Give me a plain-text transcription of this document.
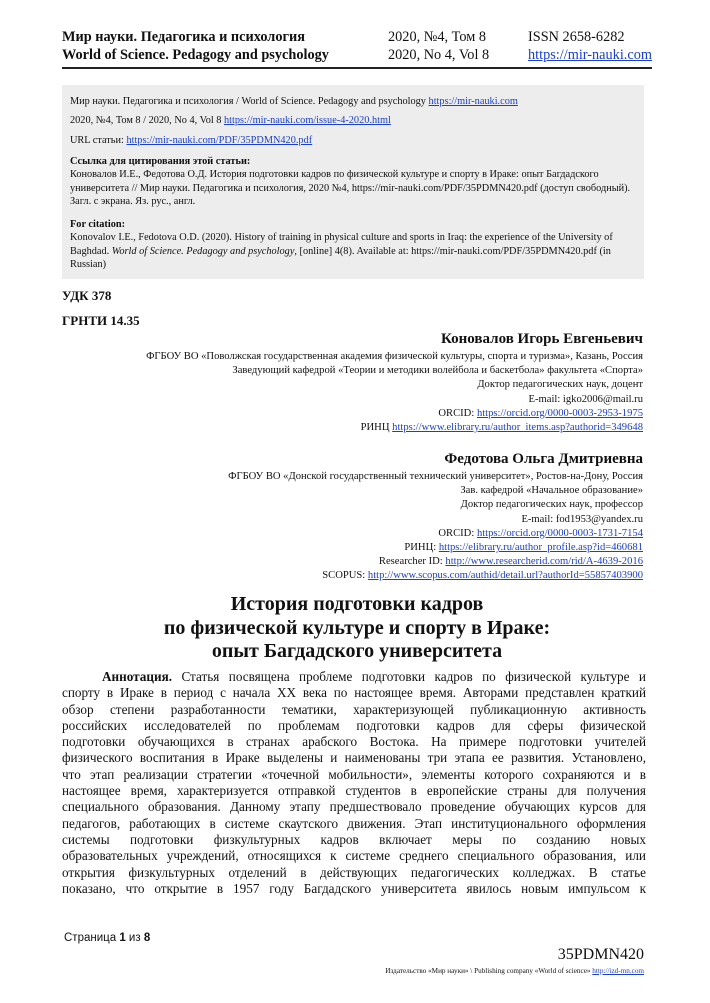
Мир науки. Педагогика и психология	2020, №4, Том 8	ISSN 2658-6282
World of Science. Pedagogy and psychology	2020, No 4, Vol 8	https://mir-nauki.com

Мир науки. Педагогика и психология / World of Science. Pedagogy and psychology https://mir-nauki.com

2020, №4, Том 8 / 2020, No 4, Vol 8 https://mir-nauki.com/issue-4-2020.html

URL статьи: https://mir-nauki.com/PDF/35PDMN420.pdf

Ссылка для цитирования этой статьи:

Коновалов И.Е., Федотова О.Д. История подготовки кадров по физической культуре и спорту в Ираке: опыт Багдадского университета // Мир науки. Педагогика и психология, 2020 №4, https://mir-nauki.com/PDF/35PDMN420.pdf (доступ свободный). Загл. с экрана. Яз. рус., англ.

For citation:

Konovalov I.E., Fedotova O.D. (2020). History of training in physical culture and sports in Iraq: the experience of the University of Baghdad. World of Science. Pedagogy and psychology, [online] 4(8). Available at: https://mir-nauki.com/PDF/35PDMN420.pdf (in Russian)

УДК 378
ГРНТИ 14.35
Коновалов Игорь Евгеньевич
ФГБОУ ВО «Поволжская государственная академия физической культуры, спорта и туризма», Казань, Россия
Заведующий кафедрой «Теории и методики волейбола и баскетбола» факультета «Спорта»
Доктор педагогических наук, доцент
E-mail: igko2006@mail.ru
ORCID: https://orcid.org/0000-0003-2953-1975
РИНЦ https://www.elibrary.ru/author_items.asp?authorid=349648
Федотова Ольга Дмитриевна
ФГБОУ ВО «Донской государственный технический университет», Ростов-на-Дону, Россия
Зав. кафедрой «Начальное образование»
Доктор педагогических наук, профессор
E-mail: fod1953@yandex.ru
ORCID: https://orcid.org/0000-0003-1731-7154
РИНЦ: https://elibrary.ru/author_profile.asp?id=460681
Researcher ID: http://www.researcherid.com/rid/A-4639-2016
SCOPUS: http://www.scopus.com/authid/detail.url?authorId=55857403900
История подготовки кадров
по физической культуре и спорту в Ираке:
опыт Багдадского университета
Аннотация. Статья посвящена проблеме подготовки кадров по физической культуре и
спорту в Ираке в период с начала XX века по настоящее время. Авторами представлен краткий
обзор степени разработанности тематики, характеризующей публикационную активность
российских исследователей по проблемам подготовки кадров для сферы физической
подготовки обучающихся в странах арабского Востока. На примере подготовки учителей
физического воспитания в Ираке выделены и наименованы три этапа ее развития. Установлено,
что этап реализации стратегии «точечной мобильности», элементы которого сохраняются и в
настоящее время, характеризуется отправкой студентов в европейские страны для получения
специального образования. Данному этапу предшествовало проведение обучающих курсов для
педагогов, работающих в системе скаутского движения. Этап институционального оформления
системы подготовки физкультурных кадров включает меры по созданию новых
образовательных учреждений, относящихся к системе среднего специального образования, или
открытия физкультурных отделений в действующих педагогических колледжах. В статье
показано, что открытие в 1957 году Багдадского университета явилось новым импульсом к
Страница 1 из 8
35PDMN420
Издательство «Мир науки» \ Publishing company «World of science» http://izd-mn.com
